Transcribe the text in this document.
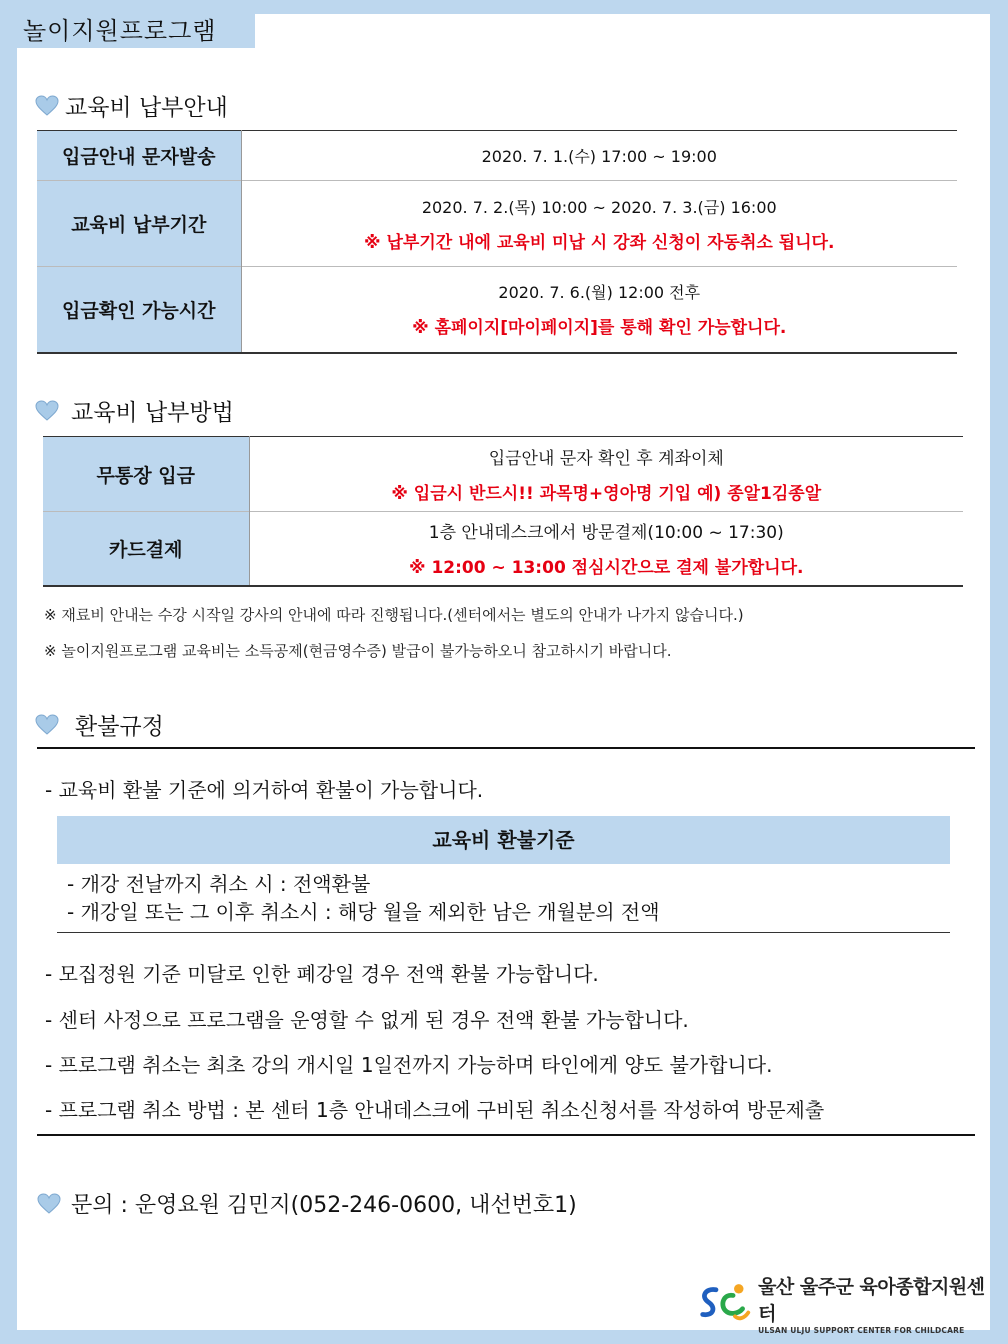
놀이지원프로그램
교육비 납부안내
입금안내 문자발송	2020. 7. 1.(수) 17:00 ~ 19:00

교육비 납부기간	2020. 7. 2.(목) 10:00 ~ 2020. 7. 3.(금) 16:00
※ 납부기간 내에 교육비 미납 시 강좌 신청이 자동취소 됩니다.

입금확인 가능시간	2020. 7. 6.(월) 12:00 전후
※ 홈페이지[마이페이지]를 통해 확인 가능합니다.
교육비 납부방법
무통장 입금	입금안내 문자 확인 후 계좌이체
※ 입금시 반드시!! 과목명+영아명 기입 예) 종알1김종알

카드결제	1층 안내데스크에서 방문결제(10:00 ~ 17:30)
※ 12:00 ~ 13:00 점심시간으로 결제 불가합니다.
※ 재료비 안내는 수강 시작일 강사의 안내에 따라 진행됩니다.(센터에서는 별도의 안내가 나가지 않습니다.)
※ 놀이지원프로그램 교육비는 소득공제(현금영수증) 발급이 불가능하오니 참고하시기 바랍니다.
환불규정
- 교육비 환불 기준에 의거하여 환불이 가능합니다.
교육비 환불기준
- 개강 전날까지 취소 시 : 전액환불
- 개강일 또는 그 이후 취소시 : 해당 월을 제외한 남은 개월분의 전액
- 모집정원 기준 미달로 인한 폐강일 경우 전액 환불 가능합니다.
- 센터 사정으로 프로그램을 운영할 수 없게 된 경우 전액 환불 가능합니다.
- 프로그램 취소는 최초 강의 개시일 1일전까지 가능하며 타인에게 양도 불가합니다.
- 프로그램 취소 방법 : 본 센터 1층 안내데스크에 구비된 취소신청서를 작성하여 방문제출
문의 : 운영요원 김민지(052-246-0600, 내선번호1)
울산 울주군 육아종합지원센터
ULSAN ULJU SUPPORT CENTER FOR CHILDCARE
